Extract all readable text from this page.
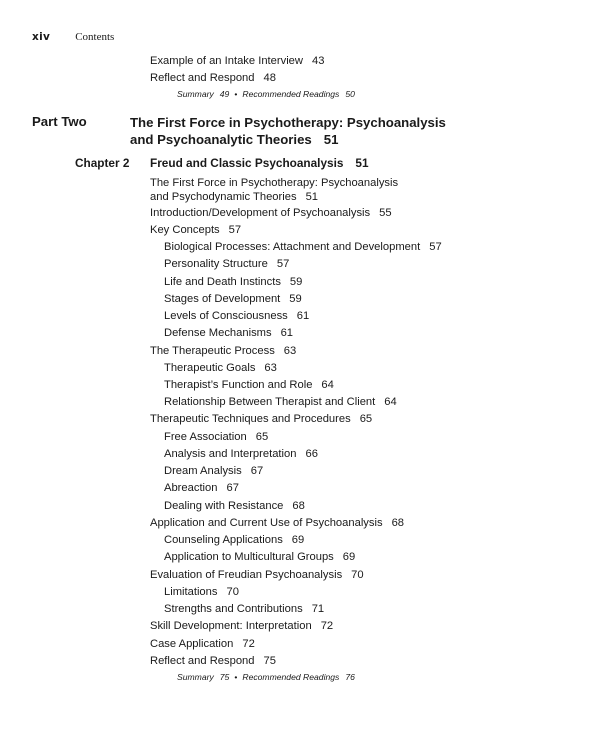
xiv Contents
Example of an Intake Interview 43
Reflect and Respond 48
Summary 49 • Recommended Readings 50
Part Two	The First Force in Psychotherapy: Psychoanalysis
and Psychoanalytic Theories 51
Chapter 2 Freud and Classic Psychoanalysis 51
The First Force in Psychotherapy: Psychoanalysis
and Psychodynamic Theories 51
Introduction/Development of Psychoanalysis 55
Key Concepts 57
Biological Processes: Attachment and Development 57
Personality Structure 57
Life and Death Instincts 59
Stages of Development 59
Levels of Consciousness 61
Defense Mechanisms 61
The Therapeutic Process 63
Therapeutic Goals 63
Therapist’s Function and Role 64
Relationship Between Therapist and Client 64
Therapeutic Techniques and Procedures 65
Free Association 65
Analysis and Interpretation 66
Dream Analysis 67
Abreaction 67
Dealing with Resistance 68
Application and Current Use of Psychoanalysis 68
Counseling Applications 69
Application to Multicultural Groups 69
Evaluation of Freudian Psychoanalysis 70
Limitations 70
Strengths and Contributions 71
Skill Development: Interpretation 72
Case Application 72
Reflect and Respond 75
Summary 75 • Recommended Readings 76
